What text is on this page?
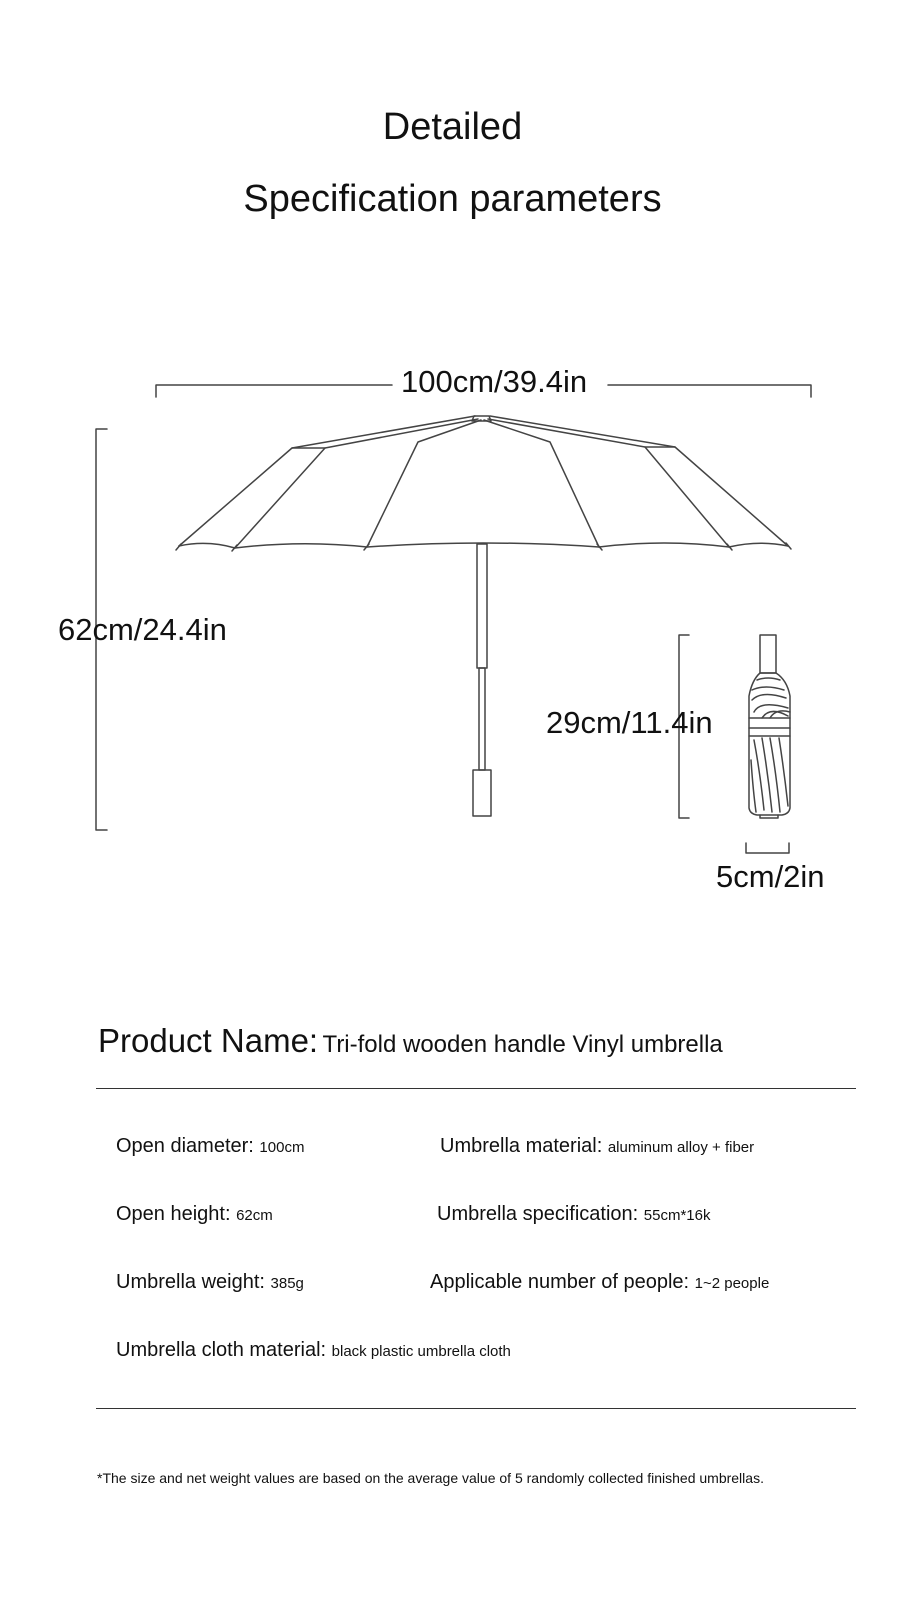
Detailed
Specification parameters
100cm/39.4in
62cm/24.4in
29cm/11.4in
5cm/2in
Product Name: Tri-fold wooden handle Vinyl umbrella
Open diameter: 100cm	Umbrella material: aluminum alloy + fiber
Open height: 62cm	Umbrella specification: 55cm*16k
Umbrella weight: 385g	Applicable number of people: 1~2 people
Umbrella cloth material: black plastic umbrella cloth
*The size and net weight values are based on the average value of 5 randomly collected finished umbrellas.
